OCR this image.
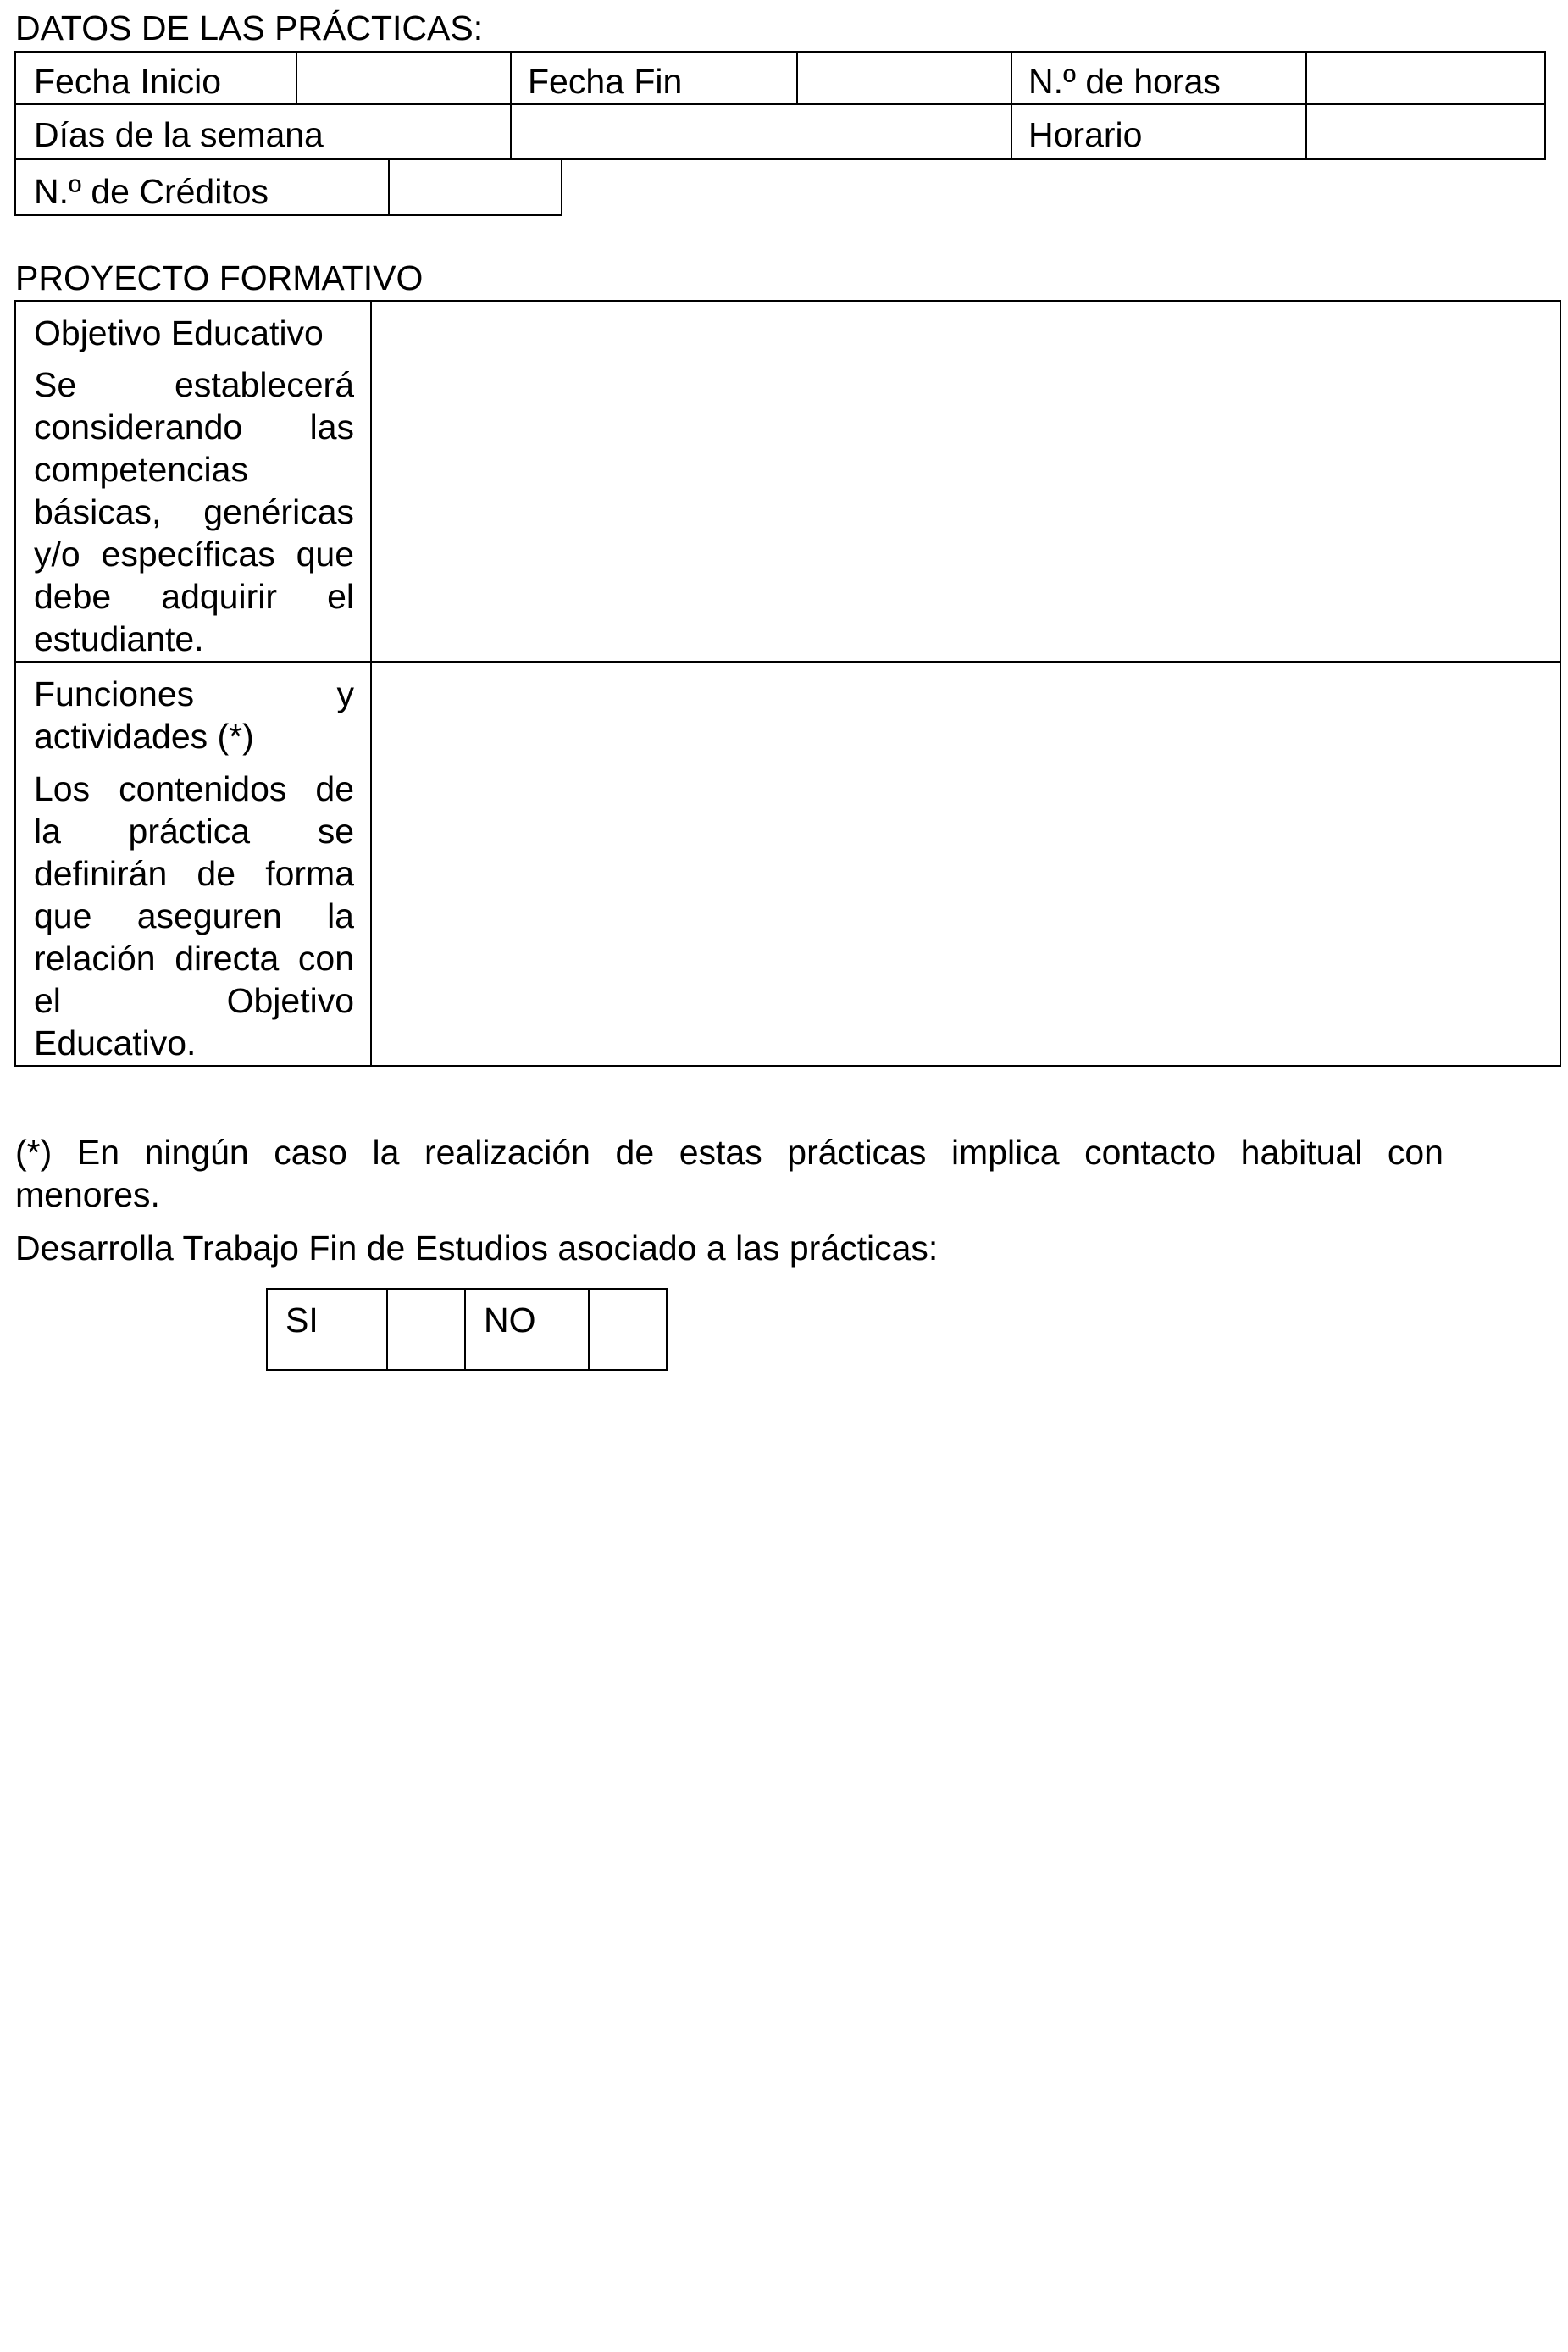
DATOS DE LAS PRÁCTICAS:
Fecha Inicio	Fecha Fin	N.º de horas
Días de la semana	Horario
N.º de Créditos
PROYECTO FORMATIVO
Objetivo Educativo
Se establecerá
considerando las
competencias
básicas, genéricas
y/o específicas que
debe adquirir el
estudiante.
Funciones y
actividades (*)
Los contenidos de
la práctica se
definirán de forma
que aseguren la
relación directa con
el Objetivo
Educativo.
(*) En ningún caso la realización de estas prácticas implica contacto habitual con
menores.
Desarrolla Trabajo Fin de Estudios asociado a las prácticas:
SI	NO
